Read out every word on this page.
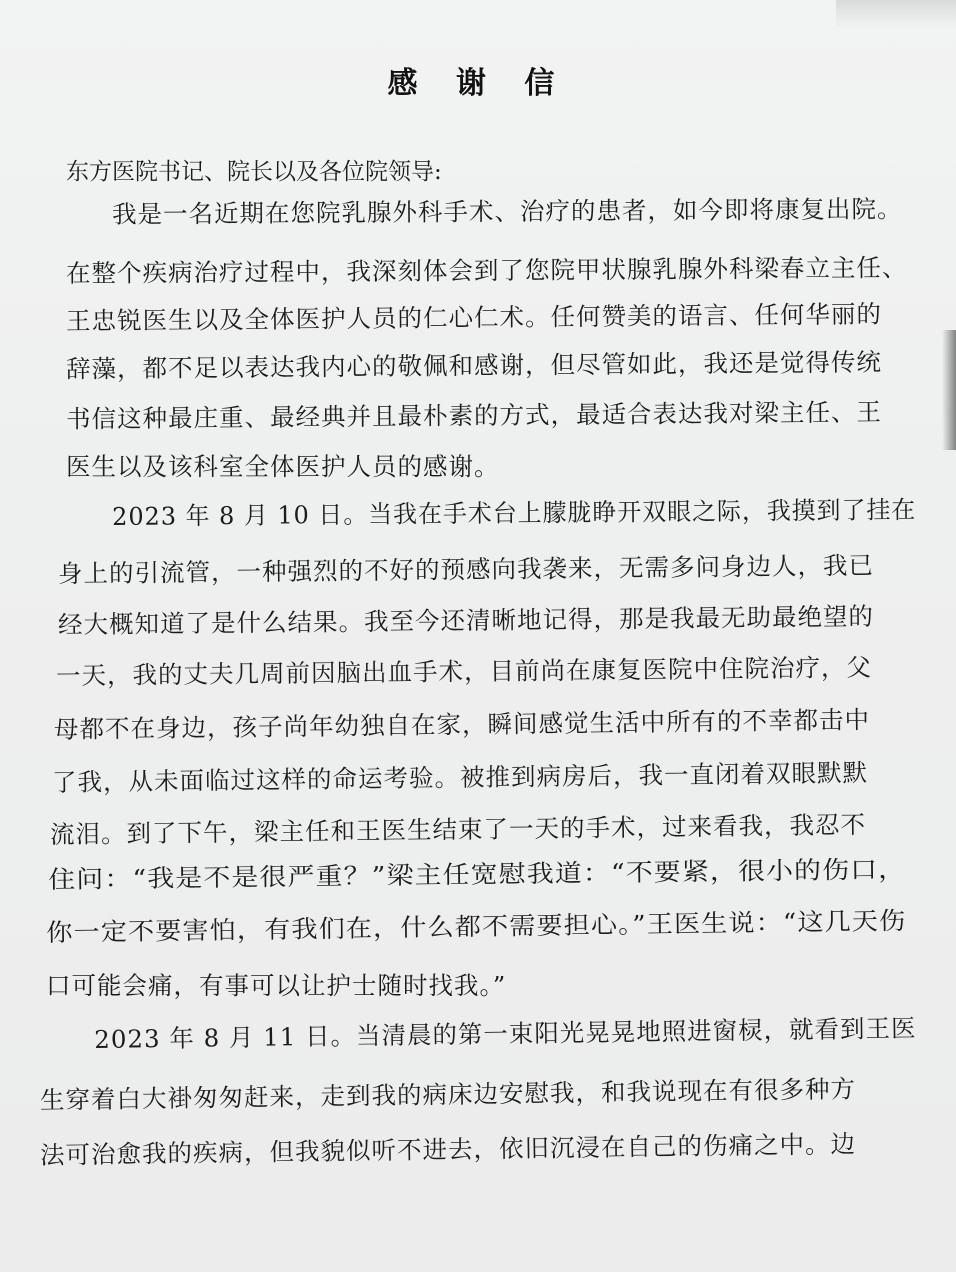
感 谢 信
东方医院书记、院长以及各位院领导:
我是一名近期在您院乳腺外科手术、治疗的患者，如今即将康复出院。
在整个疾病治疗过程中，我深刻体会到了您院甲状腺乳腺外科梁春立主任、
王忠锐医生以及全体医护人员的仁心仁术。任何赞美的语言、任何华丽的
辞藻，都不足以表达我内心的敬佩和感谢，但尽管如此，我还是觉得传统
书信这种最庄重、最经典并且最朴素的方式，最适合表达我对梁主任、王
医生以及该科室全体医护人员的感谢。
2023 年 8 月 10 日。当我在手术台上朦胧睁开双眼之际，我摸到了挂在
身上的引流管，一种强烈的不好的预感向我袭来，无需多问身边人，我已
经大概知道了是什么结果。我至今还清晰地记得，那是我最无助最绝望的
一天，我的丈夫几周前因脑出血手术，目前尚在康复医院中住院治疗，父
母都不在身边，孩子尚年幼独自在家，瞬间感觉生活中所有的不幸都击中
了我，从未面临过这样的命运考验。被推到病房后，我一直闭着双眼默默
流泪。到了下午，梁主任和王医生结束了一天的手术，过来看我，我忍不
住问：“我是不是很严重？”梁主任宽慰我道：“不要紧，很小的伤口，
你一定不要害怕，有我们在，什么都不需要担心。”王医生说：“这几天伤
口可能会痛，有事可以让护士随时找我。”
2023 年 8 月 11 日。当清晨的第一束阳光晃晃地照进窗棂，就看到王医
生穿着白大褂匆匆赶来，走到我的病床边安慰我，和我说现在有很多种方
法可治愈我的疾病，但我貌似听不进去，依旧沉浸在自己的伤痛之中。边
